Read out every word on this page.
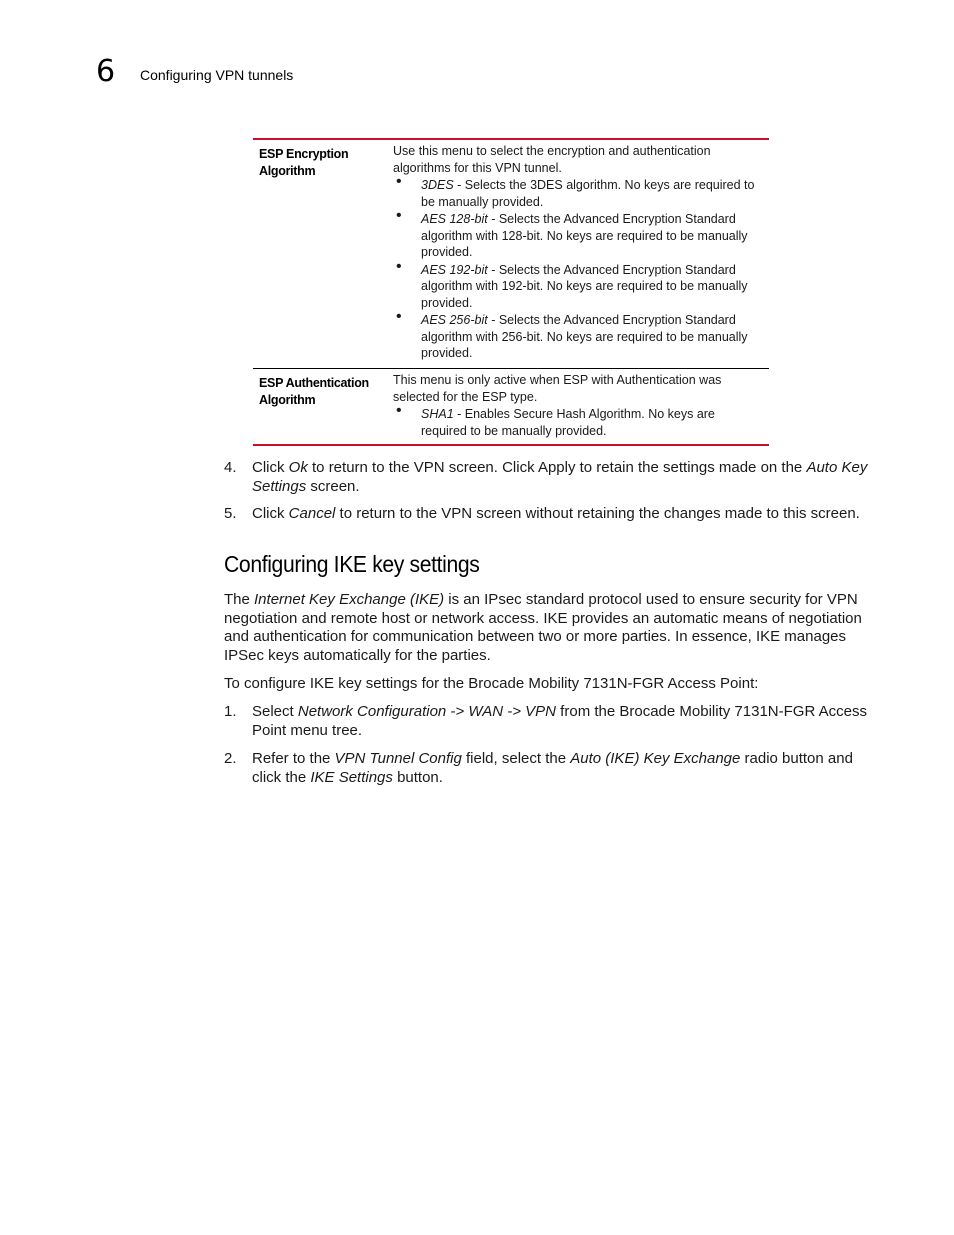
6 Configuring VPN tunnels
ESP Encryption Algorithm
Use this menu to select the encryption and authentication algorithms for this VPN tunnel.
• 3DES - Selects the 3DES algorithm. No keys are required to be manually provided.
• AES 128-bit - Selects the Advanced Encryption Standard algorithm with 128-bit. No keys are required to be manually provided.
• AES 192-bit - Selects the Advanced Encryption Standard algorithm with 192-bit. No keys are required to be manually provided.
• AES 256-bit - Selects the Advanced Encryption Standard algorithm with 256-bit. No keys are required to be manually provided.
ESP Authentication Algorithm
This menu is only active when ESP with Authentication was selected for the ESP type.
• SHA1 - Enables Secure Hash Algorithm. No keys are required to be manually provided.
4. Click Ok to return to the VPN screen. Click Apply to retain the settings made on the Auto Key Settings screen.
5. Click Cancel to return to the VPN screen without retaining the changes made to this screen.
Configuring IKE key settings
The Internet Key Exchange (IKE) is an IPsec standard protocol used to ensure security for VPN negotiation and remote host or network access. IKE provides an automatic means of negotiation and authentication for communication between two or more parties. In essence, IKE manages IPSec keys automatically for the parties.
To configure IKE key settings for the Brocade Mobility 7131N-FGR Access Point:
1. Select Network Configuration -> WAN -> VPN from the Brocade Mobility 7131N-FGR Access Point menu tree.
2. Refer to the VPN Tunnel Config field, select the Auto (IKE) Key Exchange radio button and click the IKE Settings button.
